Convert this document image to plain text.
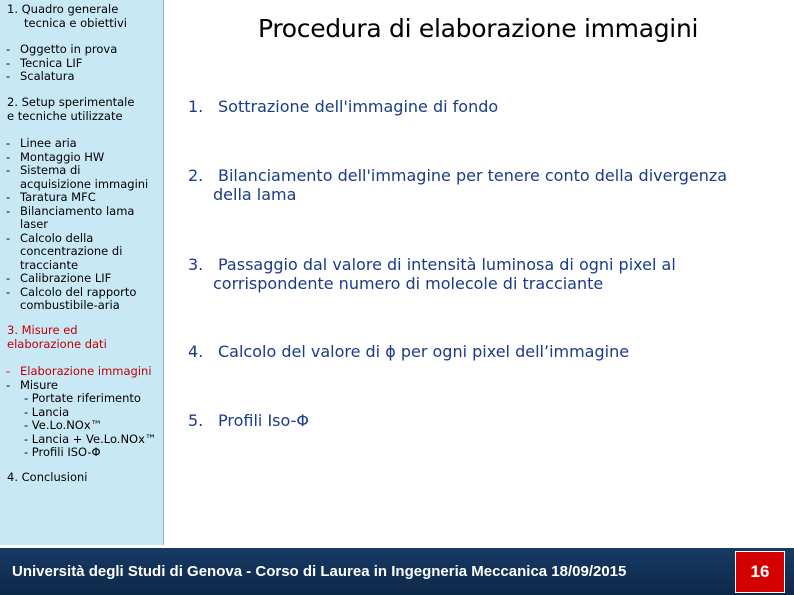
1. Quadro generale
tecnica e obiettivi
- Oggetto in prova
- Tecnica LIF
- Scalatura
2. Setup sperimentale
e tecniche utilizzate
- Linee aria
- Montaggio HW
- Sistema di
acquisizione immagini
- Taratura MFC
- Bilanciamento lama
laser
- Calcolo della
concentrazione di
tracciante
- Calibrazione LIF
- Calcolo del rapporto
combustibile-aria
3. Misure ed
elaborazione dati
- Elaborazione immagini
- Misure
- Portate riferimento
- Lancia
- Ve.Lo.NOx™
- Lancia + Ve.Lo.NOx™
- Profili ISO-Φ
4. Conclusioni
Procedura di elaborazione immagini
1. Sottrazione dell'immagine di fondo
2. Bilanciamento dell'immagine per tenere conto della divergenza
della lama
3. Passaggio dal valore di intensità luminosa di ogni pixel al
corrispondente numero di molecole di tracciante
4. Calcolo del valore di ϕ per ogni pixel dell’immagine
5. Profili Iso-Φ
Università degli Studi di Genova - Corso di Laurea in Ingegneria Meccanica 18/09/2015	16
